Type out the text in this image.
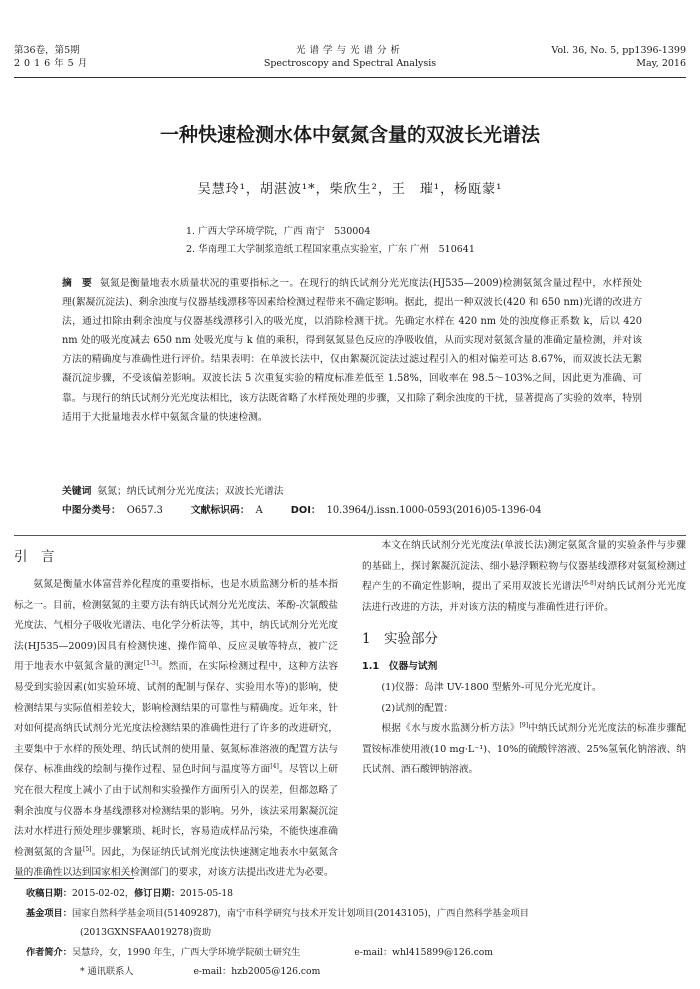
第36卷，第5期
2016年5月
光谱学与光谱分析
Spectroscopy and Spectral Analysis
Vol. 36, No. 5, pp1396-1399
May, 2016
一种快速检测水体中氨氮含量的双波长光谱法
吴慧玲¹，胡湛波¹*，柴欣生²，王　璀¹，杨瓯蒙¹
1. 广西大学环境学院，广西 南宁　530004
2. 华南理工大学制浆造纸工程国家重点实验室，广东 广州　510641
摘　要 氨氮是衡量地表水质量状况的重要指标之一。在现行的纳氏试剂分光光度法(HJ535—2009)检测氨氮含量过程中，水样预处理(絮凝沉淀法)、剩余浊度与仪器基线漂移等因素给检测过程带来不确定影响。据此，提出一种双波长(420 和 650 nm)光谱的改进方法，通过扣除由剩余浊度与仪器基线漂移引入的吸光度，以消除检测干扰。先确定水样在 420 nm 处的浊度修正系数 k，后以 420 nm 处的吸光度减去 650 nm 处吸光度与 k 值的乘积，得到氨氮显色反应的净吸收值，从而实现对氨氮含量的准确定量检测，并对该方法的精确度与准确性进行评价。结果表明：在单波长法中，仅由絮凝沉淀法过滤过程引入的相对偏差可达 8.67%，而双波长法无絮凝沉淀步骤，不受该偏差影响。双波长法 5 次重复实验的精度标准差低至 1.58%，回收率在 98.5～103%之间，因此更为准确、可靠。与现行的纳氏试剂分光光度法相比，该方法既省略了水样预处理的步骤，又扣除了剩余浊度的干扰，显著提高了实验的效率，特别适用于大批量地表水样中氨氮含量的快速检测。
关键词 氨氮；纳氏试剂分光光度法；双波长光谱法
中图分类号： O657.3	文献标识码： A	DOI： 10.3964/j.issn.1000-0593(2016)05-1396-04
引　言

氨氮是衡量水体富营养化程度的重要指标，也是水质监测分析的基本指标之一。目前，检测氨氮的主要方法有纳氏试剂分光光度法、苯酚-次氯酸盐光度法、气相分子吸收光谱法、电化学分析法等，其中，纳氏试剂分光光度法(HJ535—2009)因具有检测快速、操作简单、反应灵敏等特点，被广泛用于地表水中氨氮含量的测定[1-3]。然而，在实际检测过程中，这种方法容易受到实验因素(如实验环境、试剂的配制与保存、实验用水等)的影响，使检测结果与实际值相差较大，影响检测结果的可靠性与精确度。近年来，针对如何提高纳氏试剂分光光度法检测结果的准确性进行了许多的改进研究，主要集中于水样的预处理、纳氏试剂的使用量、氨氮标准溶液的配置方法与保存、标准曲线的绘制与操作过程、显色时间与温度等方面[4]。尽管以上研究在很大程度上减小了由于试剂和实验操作方面所引入的误差，但都忽略了剩余浊度与仪器本身基线漂移对检测结果的影响。另外，该法采用絮凝沉淀法对水样进行预处理步骤繁琐、耗时长，容易造成样品污染，不能快速准确检测氨氮的含量[5]。因此，为保证纳氏试剂光度法快速测定地表水中氨氮含量的准确性以达到国家相关检测部门的要求，对该方法提出改进尤为必要。

本文在纳氏试剂分光光度法(单波长法)测定氨氮含量的实验条件与步骤的基础上，探讨絮凝沉淀法、细小悬浮颗粒物与仪器基线漂移对氨氮检测过程产生的不确定性影响，提出了采用双波长光谱法[6-8]对纳氏试剂分光光度法进行改进的方法，并对该方法的精度与准确性进行评价。

1 实验部分
1.1　 仪器与试剂

(1)仪器：岛津 UV-1800 型紫外-可见分光光度计。

(2)试剂的配置：

根据《水与废水监测分析方法》[9]中纳氏试剂分光光度法的标准步骤配置铵标准使用液(10 mg·L⁻¹)、10%的硫酸锌溶液、25%氢氧化钠溶液、纳氏试剂、酒石酸钾钠溶液。

收稿日期：2015-02-02，修订日期：2015-05-18
基金项目：国家自然科学基金项目(51409287)，南宁市科学研究与技术开发计划项目(20143105)，广西自然科学基金项目
(2013GXNSFAA019278)资助
作者简介：吴慧玲，女，1990 年生，广西大学环境学院硕士研究生	e-mail：whl415899@126.com
* 通讯联系人	e-mail：hzb2005@126.com
